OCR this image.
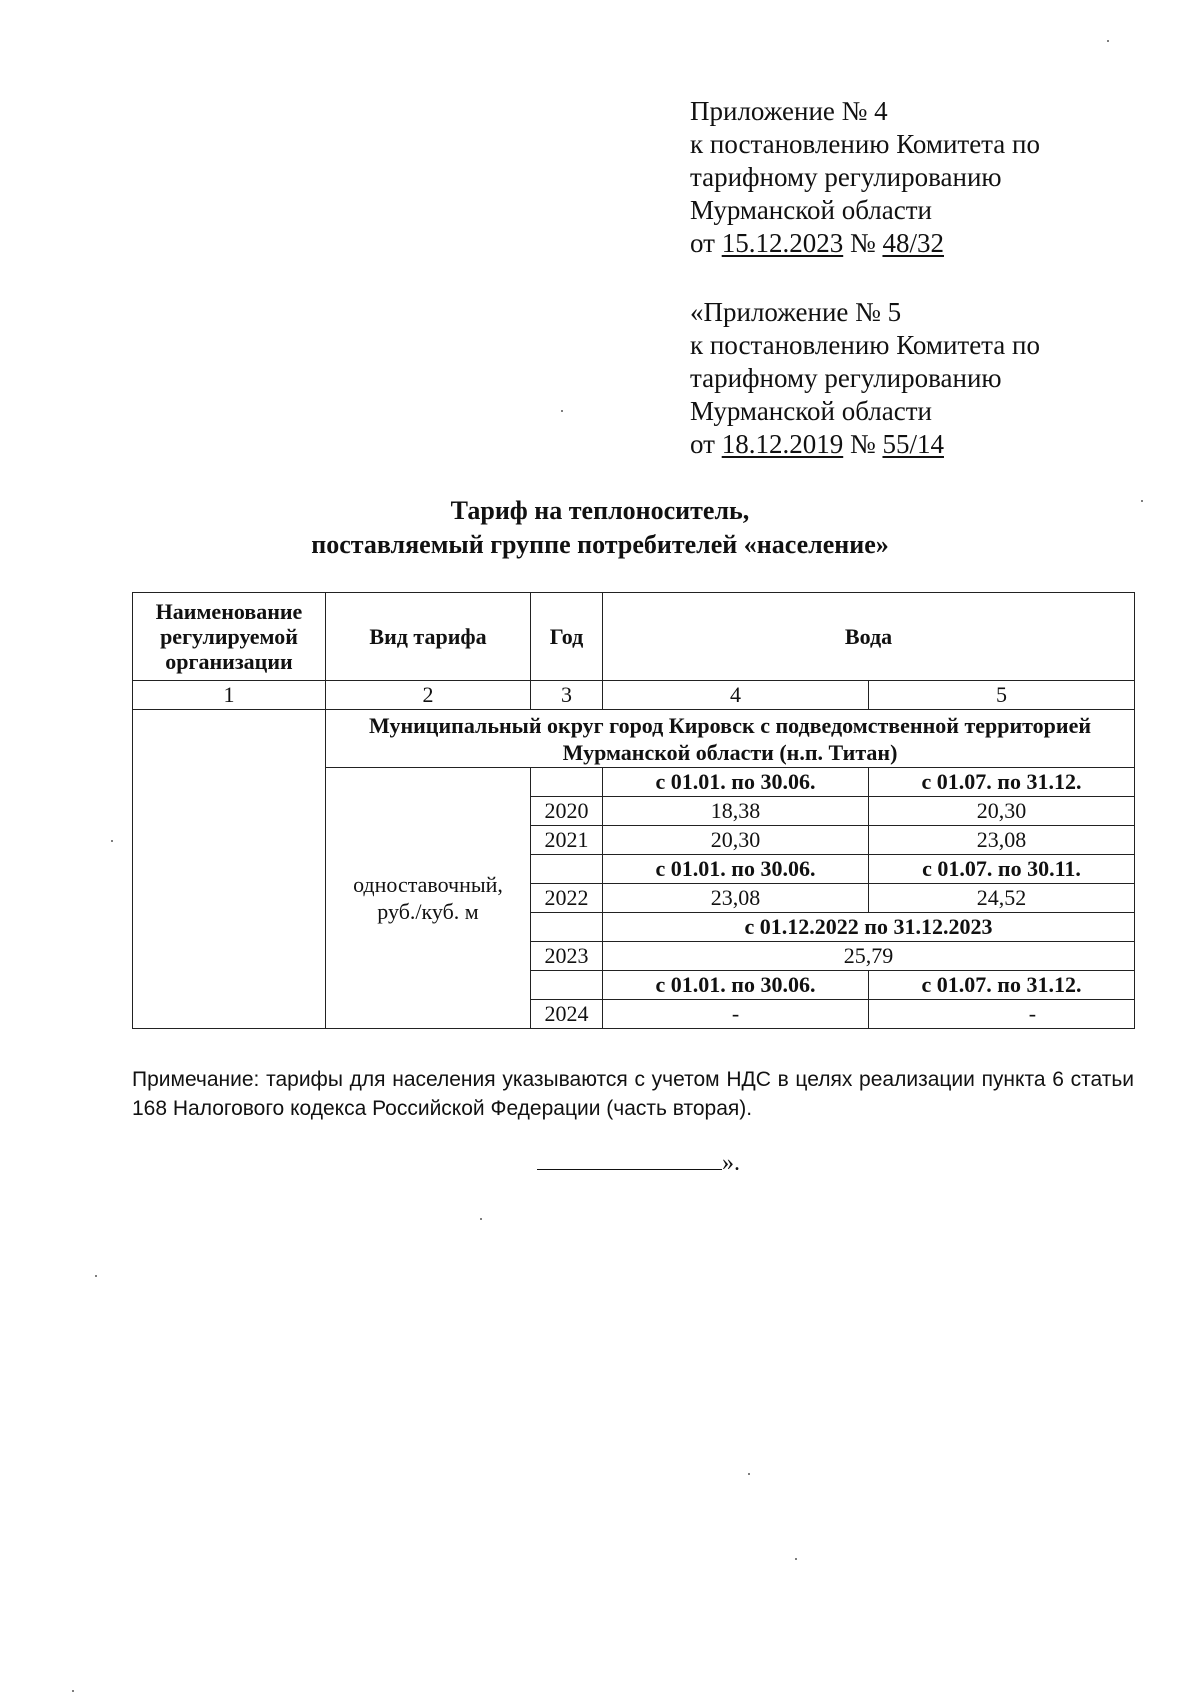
Приложение № 4
к постановлению Комитета по
тарифному регулированию
Мурманской области
от 15.12.2023 № 48/32
«Приложение № 5
к постановлению Комитета по
тарифному регулированию
Мурманской области
от 18.12.2019 № 55/14
Тариф на теплоноситель,
поставляемый группе потребителей «население»
Наименование регулируемой организации	Вид тарифа	Год	Вода	
1	2	3	4	5
	Муниципальный округ город Кировск с подведомственной территорией Мурманской области (н.п. Титан)			
	одноставочный, руб./куб. м		с 01.01. по 30.06.	с 01.07. по 31.12.
		2020	18,38	20,30
		2021	20,30	23,08
			с 01.01. по 30.06.	с 01.07. по 30.11.
		2022	23,08	24,52
			с 01.12.2022 по 31.12.2023	
		2023	25,79	
			с 01.01. по 30.06.	с 01.07. по 31.12.
		2024	-	-
Примечание: тарифы для населения указываются с учетом НДС в целях реализации пункта 6 статьи 168 Налогового кодекса Российской Федерации (часть вторая).
».
